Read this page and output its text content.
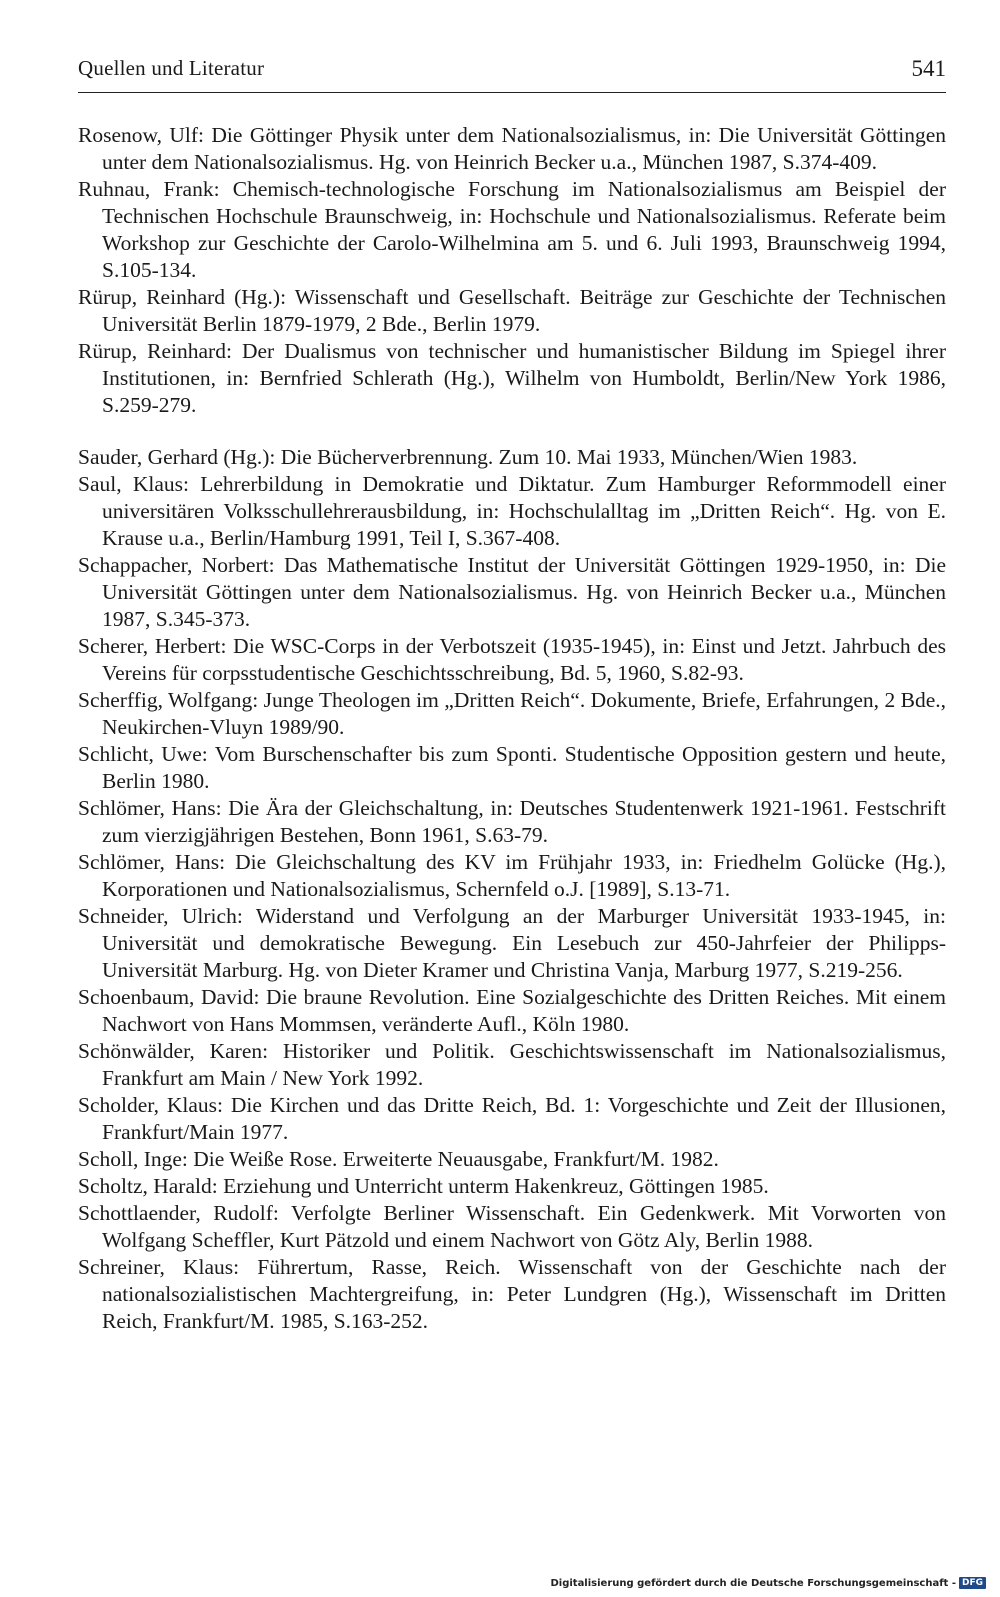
Quellen und Literatur	541

Rosenow, Ulf: Die Göttinger Physik unter dem Nationalsozialismus, in: Die Universität Göttingen unter dem Nationalsozialismus. Hg. von Heinrich Becker u.a., München 1987, S.374-409.

Ruhnau, Frank: Chemisch-technologische Forschung im Nationalsozialismus am Beispiel der Technischen Hochschule Braunschweig, in: Hochschule und Nationalsozialismus. Referate beim Workshop zur Geschichte der Carolo-Wilhelmina am 5. und 6. Juli 1993, Braunschweig 1994, S.105-134.

Rürup, Reinhard (Hg.): Wissenschaft und Gesellschaft. Beiträge zur Geschichte der Technischen Universität Berlin 1879-1979, 2 Bde., Berlin 1979.

Rürup, Reinhard: Der Dualismus von technischer und humanistischer Bildung im Spiegel ihrer Institutionen, in: Bernfried Schlerath (Hg.), Wilhelm von Humboldt, Berlin/New York 1986, S.259-279.

Sauder, Gerhard (Hg.): Die Bücherverbrennung. Zum 10. Mai 1933, München/Wien 1983.

Saul, Klaus: Lehrerbildung in Demokratie und Diktatur. Zum Hamburger Reformmodell einer universitären Volksschullehrerausbildung, in: Hochschulalltag im „Dritten Reich“. Hg. von E. Krause u.a., Berlin/Hamburg 1991, Teil I, S.367-408.

Schappacher, Norbert: Das Mathematische Institut der Universität Göttingen 1929-1950, in: Die Universität Göttingen unter dem Nationalsozialismus. Hg. von Heinrich Becker u.a., München 1987, S.345-373.

Scherer, Herbert: Die WSC-Corps in der Verbotszeit (1935-1945), in: Einst und Jetzt. Jahrbuch des Vereins für corpsstudentische Geschichtsschreibung, Bd. 5, 1960, S.82-93.

Scherffig, Wolfgang: Junge Theologen im „Dritten Reich“. Dokumente, Briefe, Erfahrungen, 2 Bde., Neukirchen-Vluyn 1989/90.

Schlicht, Uwe: Vom Burschenschafter bis zum Sponti. Studentische Opposition gestern und heute, Berlin 1980.

Schlömer, Hans: Die Ära der Gleichschaltung, in: Deutsches Studentenwerk 1921-1961. Festschrift zum vierzigjährigen Bestehen, Bonn 1961, S.63-79.

Schlömer, Hans: Die Gleichschaltung des KV im Frühjahr 1933, in: Friedhelm Golücke (Hg.), Korporationen und Nationalsozialismus, Schernfeld o.J. [1989], S.13-71.

Schneider, Ulrich: Widerstand und Verfolgung an der Marburger Universität 1933-1945, in: Universität und demokratische Bewegung. Ein Lesebuch zur 450-Jahrfeier der Philipps-Universität Marburg. Hg. von Dieter Kramer und Christina Vanja, Marburg 1977, S.219-256.

Schoenbaum, David: Die braune Revolution. Eine Sozialgeschichte des Dritten Reiches. Mit einem Nachwort von Hans Mommsen, veränderte Aufl., Köln 1980.

Schönwälder, Karen: Historiker und Politik. Geschichtswissenschaft im Nationalsozialismus, Frankfurt am Main / New York 1992.

Scholder, Klaus: Die Kirchen und das Dritte Reich, Bd. 1: Vorgeschichte und Zeit der Illusionen, Frankfurt/Main 1977.

Scholl, Inge: Die Weiße Rose. Erweiterte Neuausgabe, Frankfurt/M. 1982.

Scholtz, Harald: Erziehung und Unterricht unterm Hakenkreuz, Göttingen 1985.

Schottlaender, Rudolf: Verfolgte Berliner Wissenschaft. Ein Gedenkwerk. Mit Vorworten von Wolfgang Scheffler, Kurt Pätzold und einem Nachwort von Götz Aly, Berlin 1988.

Schreiner, Klaus: Führertum, Rasse, Reich. Wissenschaft von der Geschichte nach der nationalsozialistischen Machtergreifung, in: Peter Lundgren (Hg.), Wissenschaft im Dritten Reich, Frankfurt/M. 1985, S.163-252.

Digitalisierung gefördert durch die Deutsche Forschungsgemeinschaft - DFG
